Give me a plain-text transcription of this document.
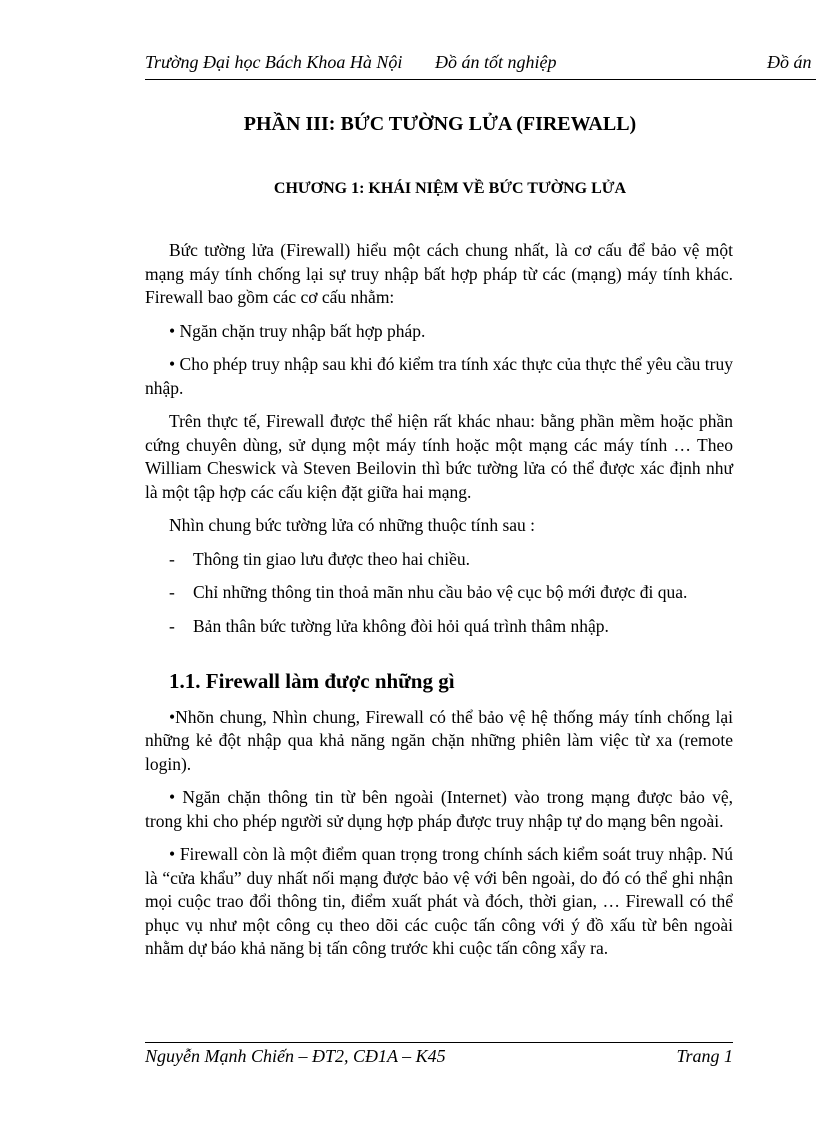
Trường Đại học Bách Khoa Hà Nội Đồ án tốt nghiệp	Đồ án
PHẦN III: BỨC TƯỜNG LỬA (FIREWALL)
CHƯƠNG 1: KHÁI NIỆM VỀ BỨC TƯỜNG LỬA

Bức tường lửa (Firewall) hiểu một cách chung nhất, là cơ cấu để bảo vệ một mạng máy tính chống lại sự truy nhập bất hợp pháp từ các (mạng) máy tính khác. Firewall bao gồm các cơ cấu nhằm:

• Ngăn chặn truy nhập bất hợp pháp.

• Cho phép truy nhập sau khi đó kiểm tra tính xác thực của thực thể yêu cầu truy nhập.

Trên thực tế, Firewall được thể hiện rất khác nhau: bằng phần mềm hoặc phần cứng chuyên dùng, sử dụng một máy tính hoặc một mạng các máy tính … Theo William Cheswick và Steven Beilovin thì bức tường lửa có thể được xác định như là một tập hợp các cấu kiện đặt giữa hai mạng.

Nhìn chung bức tường lửa có những thuộc tính sau :

- Thông tin giao lưu được theo hai chiều.
- Chỉ những thông tin thoả mãn nhu cầu bảo vệ cục bộ mới được đi qua.
- Bản thân bức tường lửa không đòi hỏi quá trình thâm nhập.

1.1. Firewall làm được những gì

•Nhõn chung, Nhìn chung, Firewall có thể bảo vệ hệ thống máy tính chống lại những kẻ đột nhập qua khả năng ngăn chặn những phiên làm việc từ xa (remote login).

• Ngăn chặn thông tin từ bên ngoài (Internet) vào trong mạng được bảo vệ, trong khi cho phép người sử dụng hợp pháp được truy nhập tự do mạng bên ngoài.

• Firewall còn là một điểm quan trọng trong chính sách kiểm soát truy nhập. Nú là “cửa khẩu” duy nhất nối mạng được bảo vệ với bên ngoài, do đó có thể ghi nhận mọi cuộc trao đổi thông tin, điểm xuất phát và đóch, thời gian, … Firewall có thể phục vụ như một công cụ theo dõi các cuộc tấn công với ý đồ xấu từ bên ngoài nhằm dự báo khả năng bị tấn công trước khi cuộc tấn công xẩy ra.

Nguyễn Mạnh Chiến – ĐT2, CĐ1A – K45	Trang 1
